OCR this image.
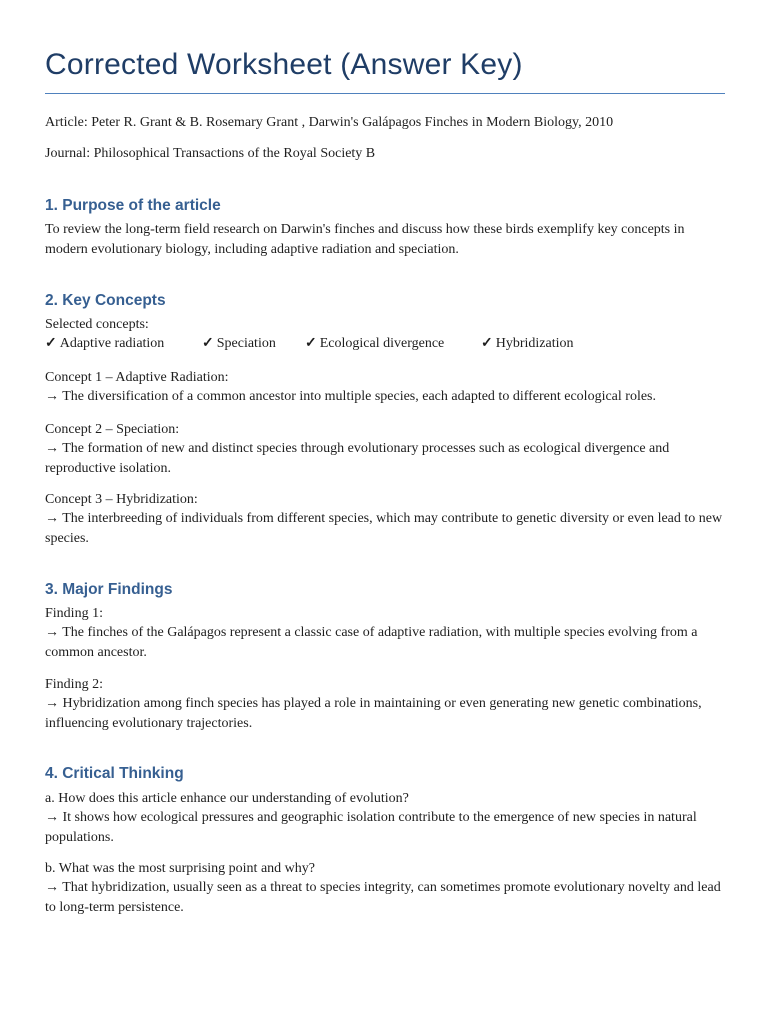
Corrected Worksheet (Answer Key)
Article: Peter R. Grant & B. Rosemary Grant , Darwin's Galápagos Finches in Modern Biology, 2010
Journal: Philosophical Transactions of the Royal Society B
1. Purpose of the article
To review the long-term field research on Darwin's finches and discuss how these birds exemplify key concepts in modern evolutionary biology, including adaptive radiation and speciation.
2. Key Concepts
Selected concepts:
✓ Adaptive radiation	✓ Speciation ✓ Ecological divergence	✓ Hybridization
Concept 1 – Adaptive Radiation:
→ The diversification of a common ancestor into multiple species, each adapted to different ecological roles.
Concept 2 – Speciation:
→ The formation of new and distinct species through evolutionary processes such as ecological divergence and reproductive isolation.
Concept 3 – Hybridization:
→ The interbreeding of individuals from different species, which may contribute to genetic diversity or even lead to new species.
3. Major Findings
Finding 1:
→ The finches of the Galápagos represent a classic case of adaptive radiation, with multiple species evolving from a common ancestor.
Finding 2:
→ Hybridization among finch species has played a role in maintaining or even generating new genetic combinations, influencing evolutionary trajectories.
4. Critical Thinking
a. How does this article enhance our understanding of evolution?
→ It shows how ecological pressures and geographic isolation contribute to the emergence of new species in natural populations.
b. What was the most surprising point and why?
→ That hybridization, usually seen as a threat to species integrity, can sometimes promote evolutionary novelty and lead to long-term persistence.
